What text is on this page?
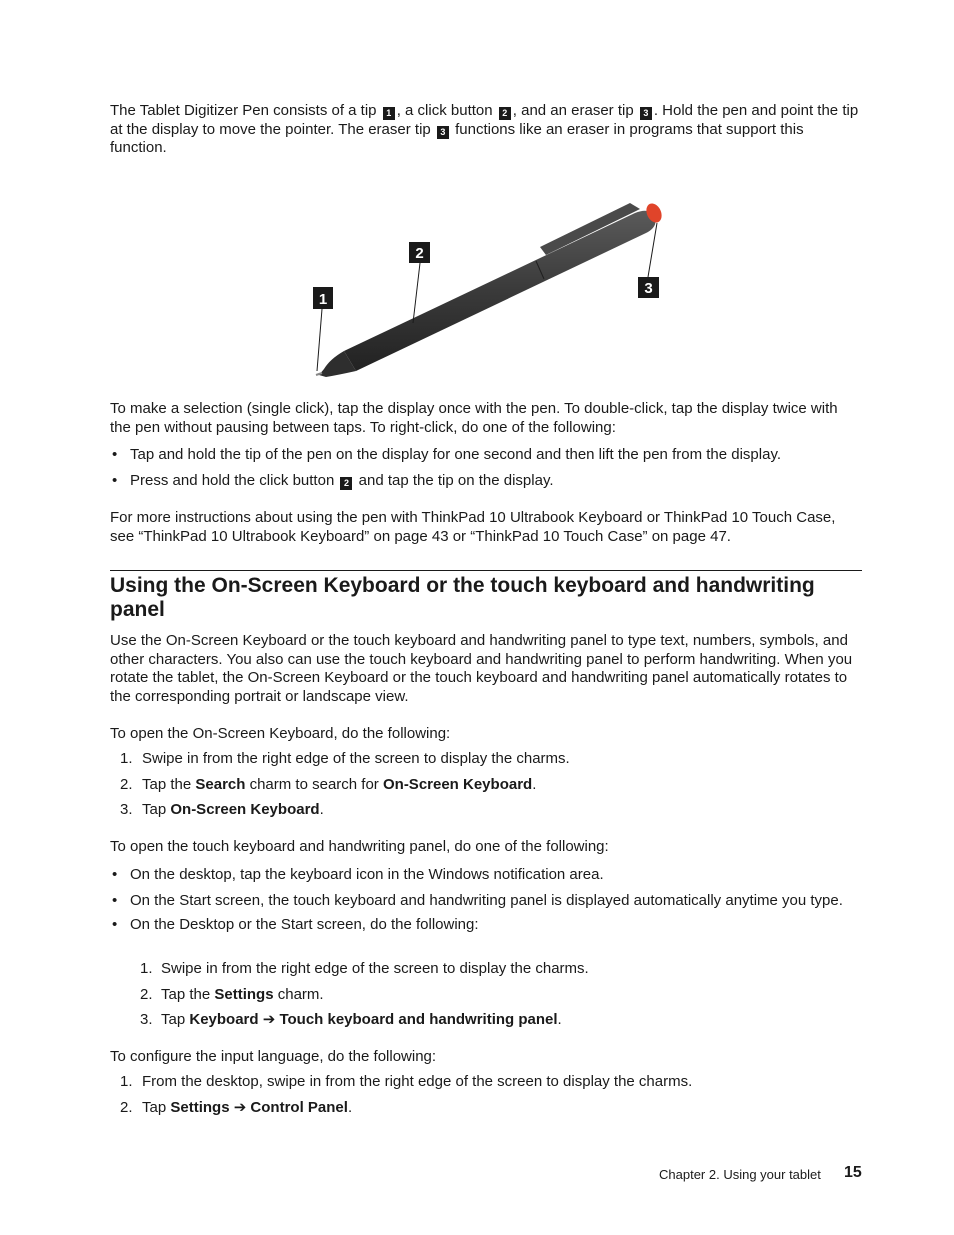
The Tablet Digitizer Pen consists of a tip 1 , a click button 2 , and an eraser tip 3 . Hold the pen and point the tip at the display to move the pointer. The eraser tip 3 functions like an eraser in programs that support this function.

1
2
3

To make a selection (single click), tap the display once with the pen. To double-click, tap the display twice with the pen without pausing between taps. To right-click, do one of the following:

• Tap and hold the tip of the pen on the display for one second and then lift the pen from the display.
• Press and hold the click button 2 and tap the tip on the display.

For more instructions about using the pen with ThinkPad 10 Ultrabook Keyboard or ThinkPad 10 Touch Case, see “ThinkPad 10 Ultrabook Keyboard” on page 43 or “ThinkPad 10 Touch Case” on page 47.

Using the On-Screen Keyboard or the touch keyboard and handwriting panel

Use the On-Screen Keyboard or the touch keyboard and handwriting panel to type text, numbers, symbols, and other characters. You also can use the touch keyboard and handwriting panel to perform handwriting. When you rotate the tablet, the On-Screen Keyboard or the touch keyboard and handwriting panel automatically rotates to the corresponding portrait or landscape view.

To open the On-Screen Keyboard, do the following:

1. Swipe in from the right edge of the screen to display the charms.
2. Tap the Search charm to search for On-Screen Keyboard.
3. Tap On-Screen Keyboard.

To open the touch keyboard and handwriting panel, do one of the following:

• On the desktop, tap the keyboard icon in the Windows notification area.
• On the Start screen, the touch keyboard and handwriting panel is displayed automatically anytime you type.
• On the Desktop or the Start screen, do the following:
1. Swipe in from the right edge of the screen to display the charms.
2. Tap the Settings charm.
3. Tap Keyboard ➔ Touch keyboard and handwriting panel.

To configure the input language, do the following:

1. From the desktop, swipe in from the right edge of the screen to display the charms.
2. Tap Settings ➔ Control Panel.
Chapter 2. Using your tablet 15
